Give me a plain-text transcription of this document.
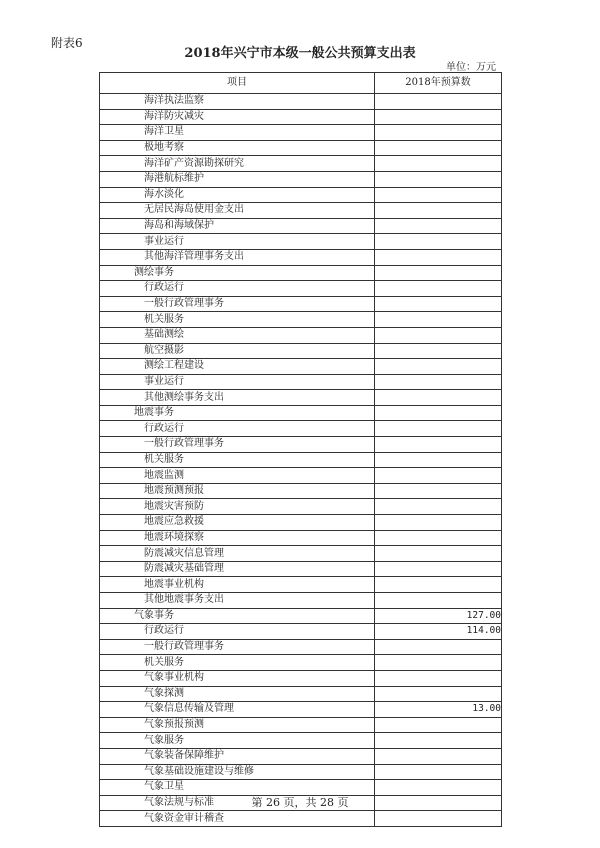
附表6
2018年兴宁市本级一般公共预算支出表
单位：万元
项目	2018年预算数
海洋执法监察	
海洋防灾减灾	
海洋卫星	
极地考察	
海洋矿产资源勘探研究	
海港航标维护	
海水淡化	
无居民海岛使用金支出	
海岛和海域保护	
事业运行	
其他海洋管理事务支出	
测绘事务	
行政运行	
一般行政管理事务	
机关服务	
基础测绘	
航空摄影	
测绘工程建设	
事业运行	
其他测绘事务支出	
地震事务	
行政运行	
一般行政管理事务	
机关服务	
地震监测	
地震预测预报	
地震灾害预防	
地震应急救援	
地震环境探察	
防震减灾信息管理	
防震减灾基础管理	
地震事业机构	
其他地震事务支出	
气象事务	127.00
行政运行	114.00
一般行政管理事务	
机关服务	
气象事业机构	
气象探测	
气象信息传输及管理	13.00
气象预报预测	
气象服务	
气象装备保障维护	
气象基础设施建设与维修	
气象卫星	
气象法规与标准	
气象资金审计稽查	
第 26 页，共 28 页
